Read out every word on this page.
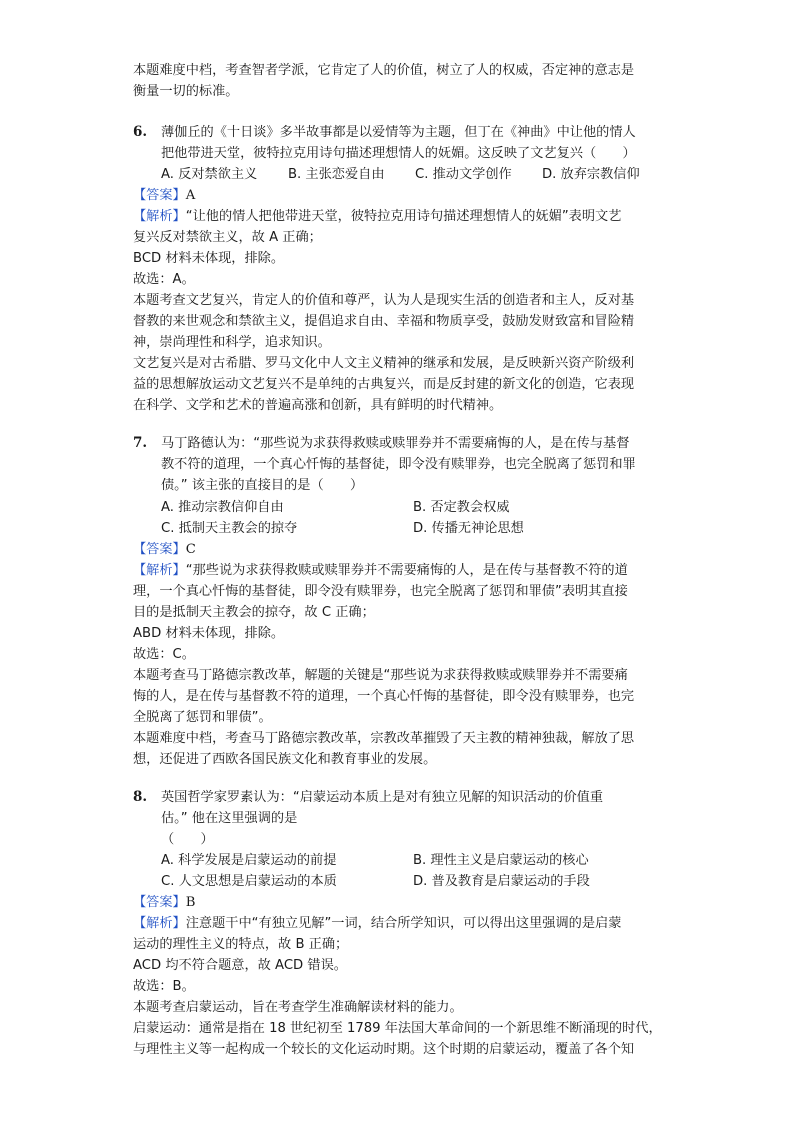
本题难度中档，考查智者学派，它肯定了人的价值，树立了人的权威，否定神的意志是
衡量一切的标准。
6. 薄伽丘的《十日谈》多半故事都是以爱情等为主题，但丁在《神曲》中让他的情人
把他带进天堂，彼特拉克用诗句描述理想情人的妩媚。这反映了文艺复兴（　　）
A. 反对禁欲主义 B. 主张恋爱自由 C. 推动文学创作 D. 放弃宗教信仰
【答案】A
【解析】“让他的情人把他带进天堂，彼特拉克用诗句描述理想情人的妩媚”表明文艺
复兴反对禁欲主义，故 A 正确；
BCD 材料未体现，排除。
故选：A。
本题考查文艺复兴，肯定人的价值和尊严，认为人是现实生活的创造者和主人，反对基
督教的来世观念和禁欲主义，提倡追求自由、幸福和物质享受，鼓励发财致富和冒险精
神，崇尚理性和科学，追求知识。
文艺复兴是对古希腊、罗马文化中人文主义精神的继承和发展，是反映新兴资产阶级利
益的思想解放运动文艺复兴不是单纯的古典复兴，而是反封建的新文化的创造，它表现
在科学、文学和艺术的普遍高涨和创新，具有鲜明的时代精神。
7. 马丁路德认为：“那些说为求获得救赎或赎罪券并不需要痛悔的人，是在传与基督
教不符的道理，一个真心忏悔的基督徒，即令没有赎罪券，也完全脱离了惩罚和罪
债。” 该主张的直接目的是（　　）
A. 推动宗教信仰自由	B. 否定教会权威
C. 抵制天主教会的掠夺	D. 传播无神论思想
【答案】C
【解析】“那些说为求获得救赎或赎罪券并不需要痛悔的人，是在传与基督教不符的道
理，一个真心忏悔的基督徒，即令没有赎罪券，也完全脱离了惩罚和罪债”表明其直接
目的是抵制天主教会的掠夺，故 C 正确；
ABD 材料未体现，排除。
故选：C。
本题考查马丁路德宗教改革，解题的关键是“那些说为求获得救赎或赎罪券并不需要痛
悔的人，是在传与基督教不符的道理，一个真心忏悔的基督徒，即令没有赎罪券，也完
全脱离了惩罚和罪债”。
本题难度中档，考查马丁路德宗教改革，宗教改革摧毁了天主教的精神独裁，解放了思
想，还促进了西欧各国民族文化和教育事业的发展。
8. 英国哲学家罗素认为：“启蒙运动本质上是对有独立见解的知识活动的价值重
估。” 他在这里强调的是
（　　）
A. 科学发展是启蒙运动的前提	B. 理性主义是启蒙运动的核心
C. 人文思想是启蒙运动的本质	D. 普及教育是启蒙运动的手段
【答案】B
【解析】注意题干中“有独立见解”一词，结合所学知识，可以得出这里强调的是启蒙
运动的理性主义的特点，故 B 正确；
ACD 均不符合题意，故 ACD 错误。
故选：B。
本题考查启蒙运动，旨在考查学生准确解读材料的能力。
启蒙运动：通常是指在 18 世纪初至 1789 年法国大革命间的一个新思维不断涌现的时代，
与理性主义等一起构成一个较长的文化运动时期。这个时期的启蒙运动，覆盖了各个知
